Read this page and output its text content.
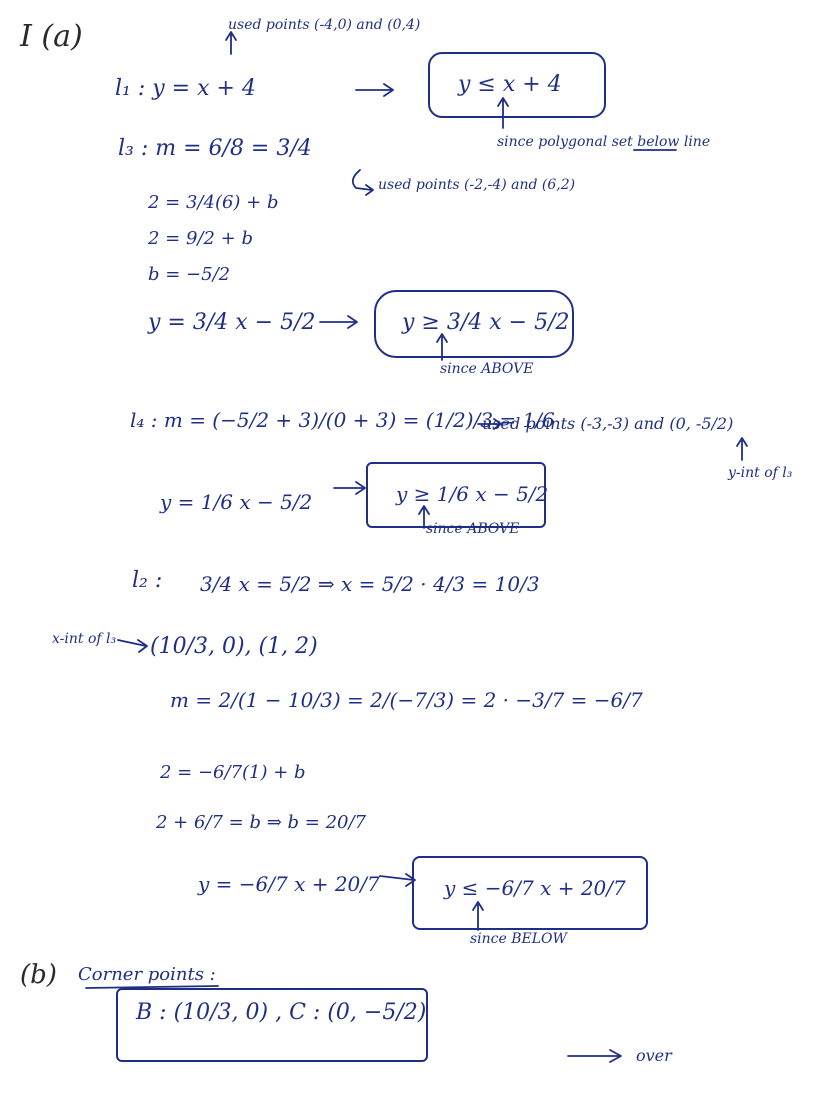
I (a)	used points (-4,0) and (0,4)
l₁ : y = x + 4	y ≤ x + 4
since polygonal set below line
l₃ : m = 6/8 = 3/4
used points (-2,-4) and (6,2)
2 = 3/4(6) + b
2 = 9/2 + b
b = −5/2
y = 3/4 x − 5/2	y ≥ 3/4 x − 5/2
since ABOVE
l₄ : m = (−5/2 + 3)/(0 + 3) = (1/2)/3 = 1/6
used points (-3,-3) and (0, -5/2)
y-int of l₃
y = 1/6 x − 5/2	y ≥ 1/6 x − 5/2
since ABOVE
l₂ : 3/4 x = 5/2 ⇒ x = 5/2 · 4/3 = 10/3
x-int of l₃ (10/3, 0), (1, 2)
m = 2/(1 − 10/3) = 2/(−7/3) = 2 · −3/7 = −6/7
2 = −6/7(1) + b
2 + 6/7 = b ⇒ b = 20/7
y = −6/7 x + 20/7	y ≤ −6/7 x + 20/7
since BELOW
(b) Corner points :
B : (10/3, 0) , C : (0, −5/2)
over
